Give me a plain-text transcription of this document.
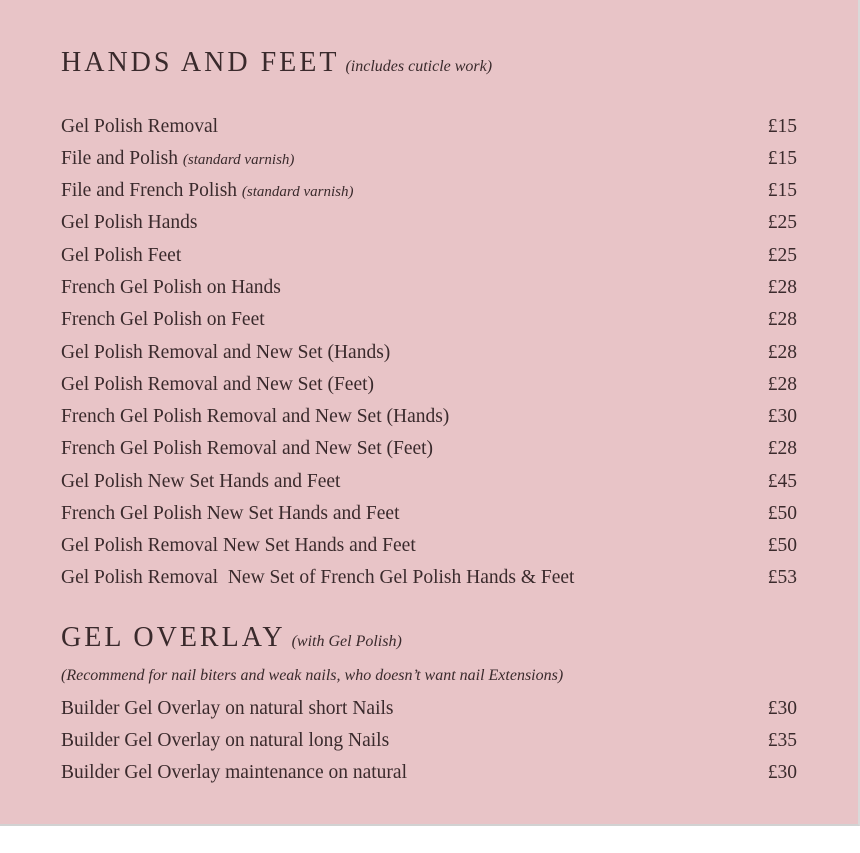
HANDS AND FEET (includes cuticle work)
Gel Polish Removal	£15
File and Polish (standard varnish)	£15
File and French Polish (standard varnish)	£15
Gel Polish Hands	£25
Gel Polish Feet	£25
French Gel Polish on Hands	£28
French Gel Polish on Feet	£28
Gel Polish Removal and New Set (Hands)	£28
Gel Polish Removal and New Set (Feet)	£28
French Gel Polish Removal and New Set (Hands)	£30
French Gel Polish Removal and New Set (Feet)	£28
Gel Polish New Set Hands and Feet	£45
French Gel Polish New Set Hands and Feet	£50
Gel Polish Removal New Set Hands and Feet	£50
Gel Polish Removal  New Set of French Gel Polish Hands & Feet	£53
GEL OVERLAY (with Gel Polish)
(Recommend for nail biters and weak nails, who doesn’t want nail Extensions)
Builder Gel Overlay on natural short Nails	£30
Builder Gel Overlay on natural long Nails	£35
Builder Gel Overlay maintenance on natural	£30
